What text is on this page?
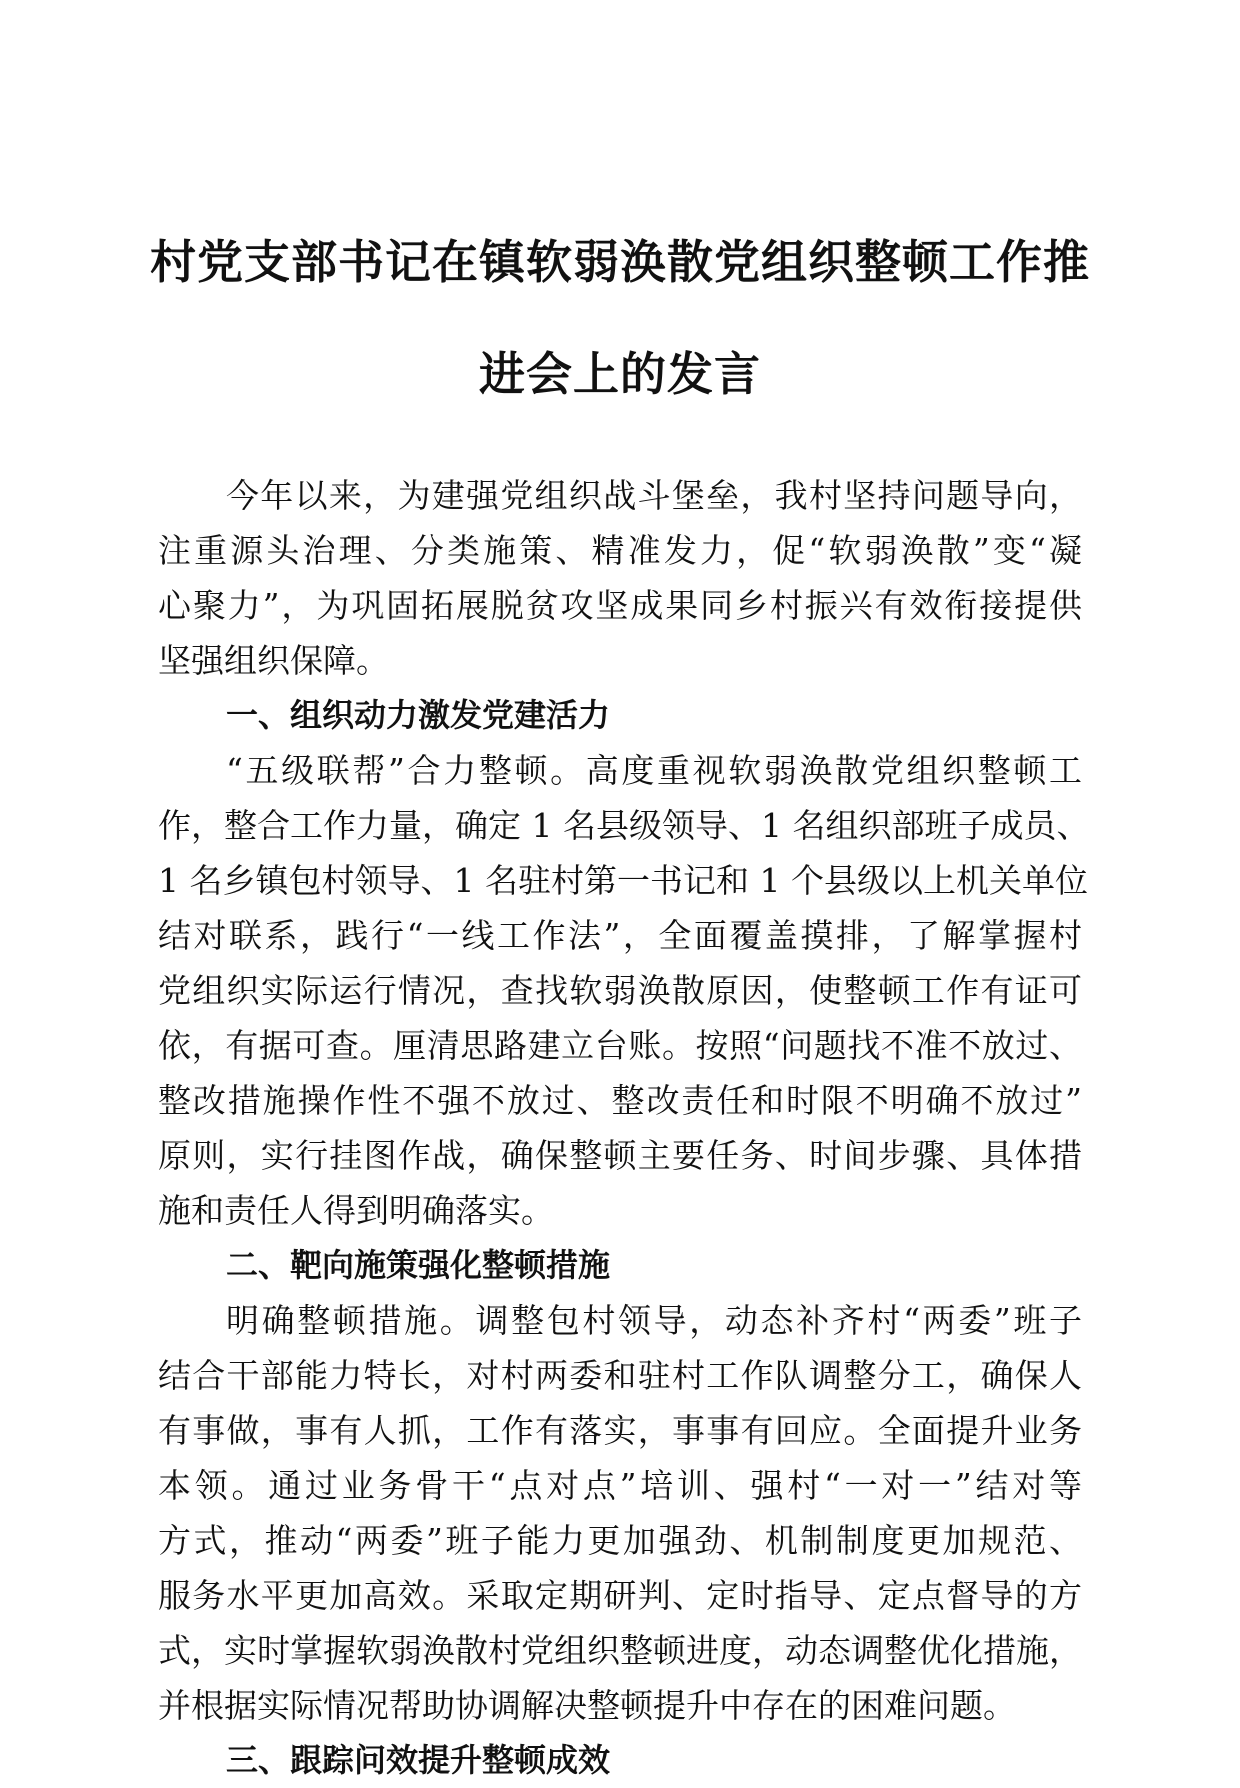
村党支部书记在镇软弱涣散党组织整顿工作推
进会上的发言
今年以来，为建强党组织战斗堡垒，我村坚持问题导向，
注重源头治理、分类施策、精准发力，促“软弱涣散”变“凝
心聚力”，为巩固拓展脱贫攻坚成果同乡村振兴有效衔接提供
坚强组织保障。
一、组织动力激发党建活力
“五级联帮”合力整顿。高度重视软弱涣散党组织整顿工
作，整合工作力量，确定 1 名县级领导、1 名组织部班子成员、
1 名乡镇包村领导、1 名驻村第一书记和 1 个县级以上机关单位
结对联系，践行“一线工作法”，全面覆盖摸排，了解掌握村
党组织实际运行情况，查找软弱涣散原因，使整顿工作有证可
依，有据可查。厘清思路建立台账。按照“问题找不准不放过、
整改措施操作性不强不放过、整改责任和时限不明确不放过”
原则，实行挂图作战，确保整顿主要任务、时间步骤、具体措
施和责任人得到明确落实。
二、靶向施策强化整顿措施
明确整顿措施。调整包村领导，动态补齐村“两委”班子
结合干部能力特长，对村两委和驻村工作队调整分工，确保人
有事做，事有人抓，工作有落实，事事有回应。全面提升业务
本领。通过业务骨干“点对点”培训、强村“一对一”结对等
方式，推动“两委”班子能力更加强劲、机制制度更加规范、
服务水平更加高效。采取定期研判、定时指导、定点督导的方
式，实时掌握软弱涣散村党组织整顿进度，动态调整优化措施，
并根据实际情况帮助协调解决整顿提升中存在的困难问题。
三、跟踪问效提升整顿成效
